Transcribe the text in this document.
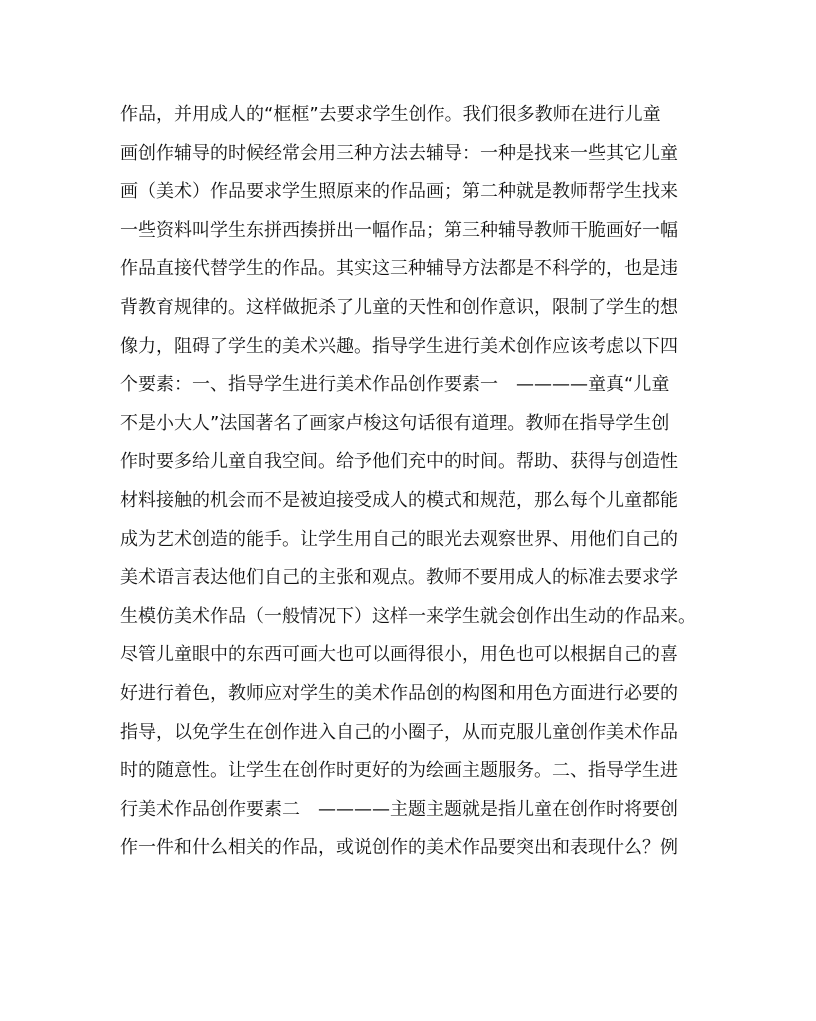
作品，并用成人的“框框”去要求学生创作。我们很多教师在进行儿童
画创作辅导的时候经常会用三种方法去辅导：一种是找来一些其它儿童
画（美术）作品要求学生照原来的作品画；第二种就是教师帮学生找来
一些资料叫学生东拼西揍拼出一幅作品；第三种辅导教师干脆画好一幅
作品直接代替学生的作品。其实这三种辅导方法都是不科学的，也是违
背教育规律的。这样做扼杀了儿童的天性和创作意识，限制了学生的想
像力，阻碍了学生的美术兴趣。指导学生进行美术创作应该考虑以下四
个要素：一、指导学生进行美术作品创作要素一　————童真“儿童
不是小大人”法国著名了画家卢梭这句话很有道理。教师在指导学生创
作时要多给儿童自我空间。给予他们充中的时间。帮助、获得与创造性
材料接触的机会而不是被迫接受成人的模式和规范，那么每个儿童都能
成为艺术创造的能手。让学生用自己的眼光去观察世界、用他们自己的
美术语言表达他们自己的主张和观点。教师不要用成人的标准去要求学
生模仿美术作品（一般情况下）这样一来学生就会创作出生动的作品来。
尽管儿童眼中的东西可画大也可以画得很小，用色也可以根据自己的喜
好进行着色，教师应对学生的美术作品创的构图和用色方面进行必要的
指导，以免学生在创作进入自己的小圈子，从而克服儿童创作美术作品
时的随意性。让学生在创作时更好的为绘画主题服务。二、指导学生进
行美术作品创作要素二　————主题主题就是指儿童在创作时将要创
作一件和什么相关的作品，或说创作的美术作品要突出和表现什么？例
